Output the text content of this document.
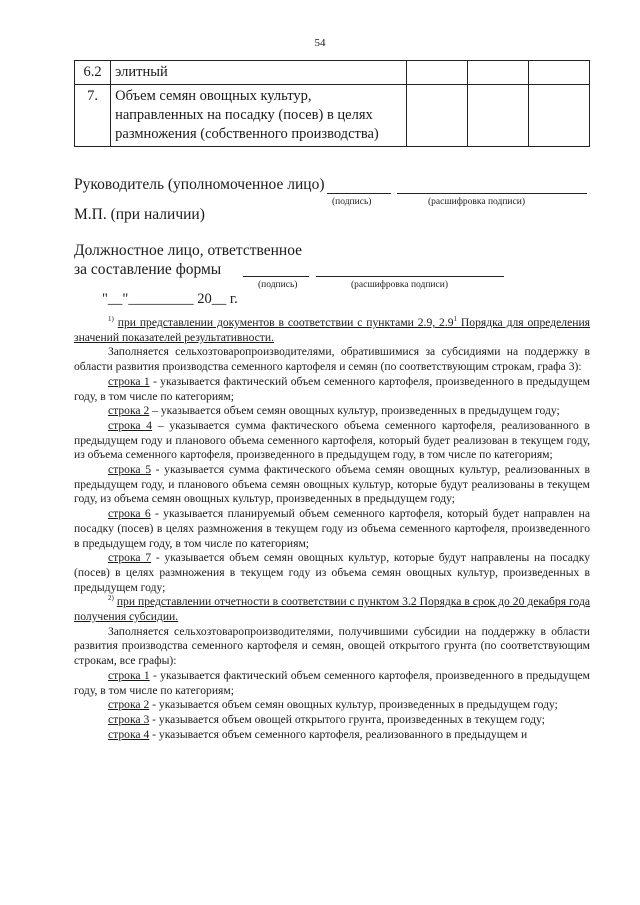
54
6.2	элитный			
7.	Объем семян овощных культур, направленных на посадку (посев) в целях размножения (собственного производства)			
Руководитель (уполномоченное лицо)
(подпись)	(расшифровка подписи)
М.П. (при наличии)
Должностное лицо, ответственное
за составление формы
(подпись)	(расшифровка подписи)
"__"_________ 20__ г.

$^{1)}$ при представлении документов в соответствии с пунктами 2.9, $2.9^1$ Порядка для определения значений показателей результативности.

Заполняется сельхозтоваропроизводителями, обратившимися за субсидиями на поддержку в области развития производства семенного картофеля и семян (по соответствующим строкам, графа 3):

строка 1 - указывается фактический объем семенного картофеля, произведенного в предыдущем году, в том числе по категориям;

строка 2 – указывается объем семян овощных культур, произведенных в предыдущем году;

строка 4 – указывается сумма фактического объема семенного картофеля, реализованного в предыдущем году и планового объема семенного картофеля, который будет реализован в текущем году, из объема семенного картофеля, произведенного в предыдущем году, в том числе по категориям;

строка 5 - указывается сумма фактического объема семян овощных культур, реализованных в предыдущем году, и планового объема семян овощных культур, которые будут реализованы в текущем году, из объема семян овощных культур, произведенных в предыдущем году;

строка 6 - указывается планируемый объем семенного картофеля, который будет направлен на посадку (посев) в целях размножения в текущем году из объема семенного картофеля, произведенного в предыдущем году, в том числе по категориям;

строка 7 - указывается объем семян овощных культур, которые будут направлены на посадку (посев) в целях размножения в текущем году из объема семян овощных культур, произведенных в предыдущем году;

$^{2)}$ при представлении отчетности в соответствии с пунктом 3.2 Порядка в срок до 20 декабря года получения субсидии.

Заполняется сельхозтоваропроизводителями, получившими субсидии на поддержку в области развития производства семенного картофеля и семян, овощей открытого грунта (по соответствующим строкам, все графы):

строка 1 - указывается фактический объем семенного картофеля, произведенного в предыдущем году, в том числе по категориям;

строка 2 - указывается объем семян овощных культур, произведенных в предыдущем году;

строка 3 - указывается объем овощей открытого грунта, произведенных в текущем году;

строка 4 - указывается объем семенного картофеля, реализованного в предыдущем и
